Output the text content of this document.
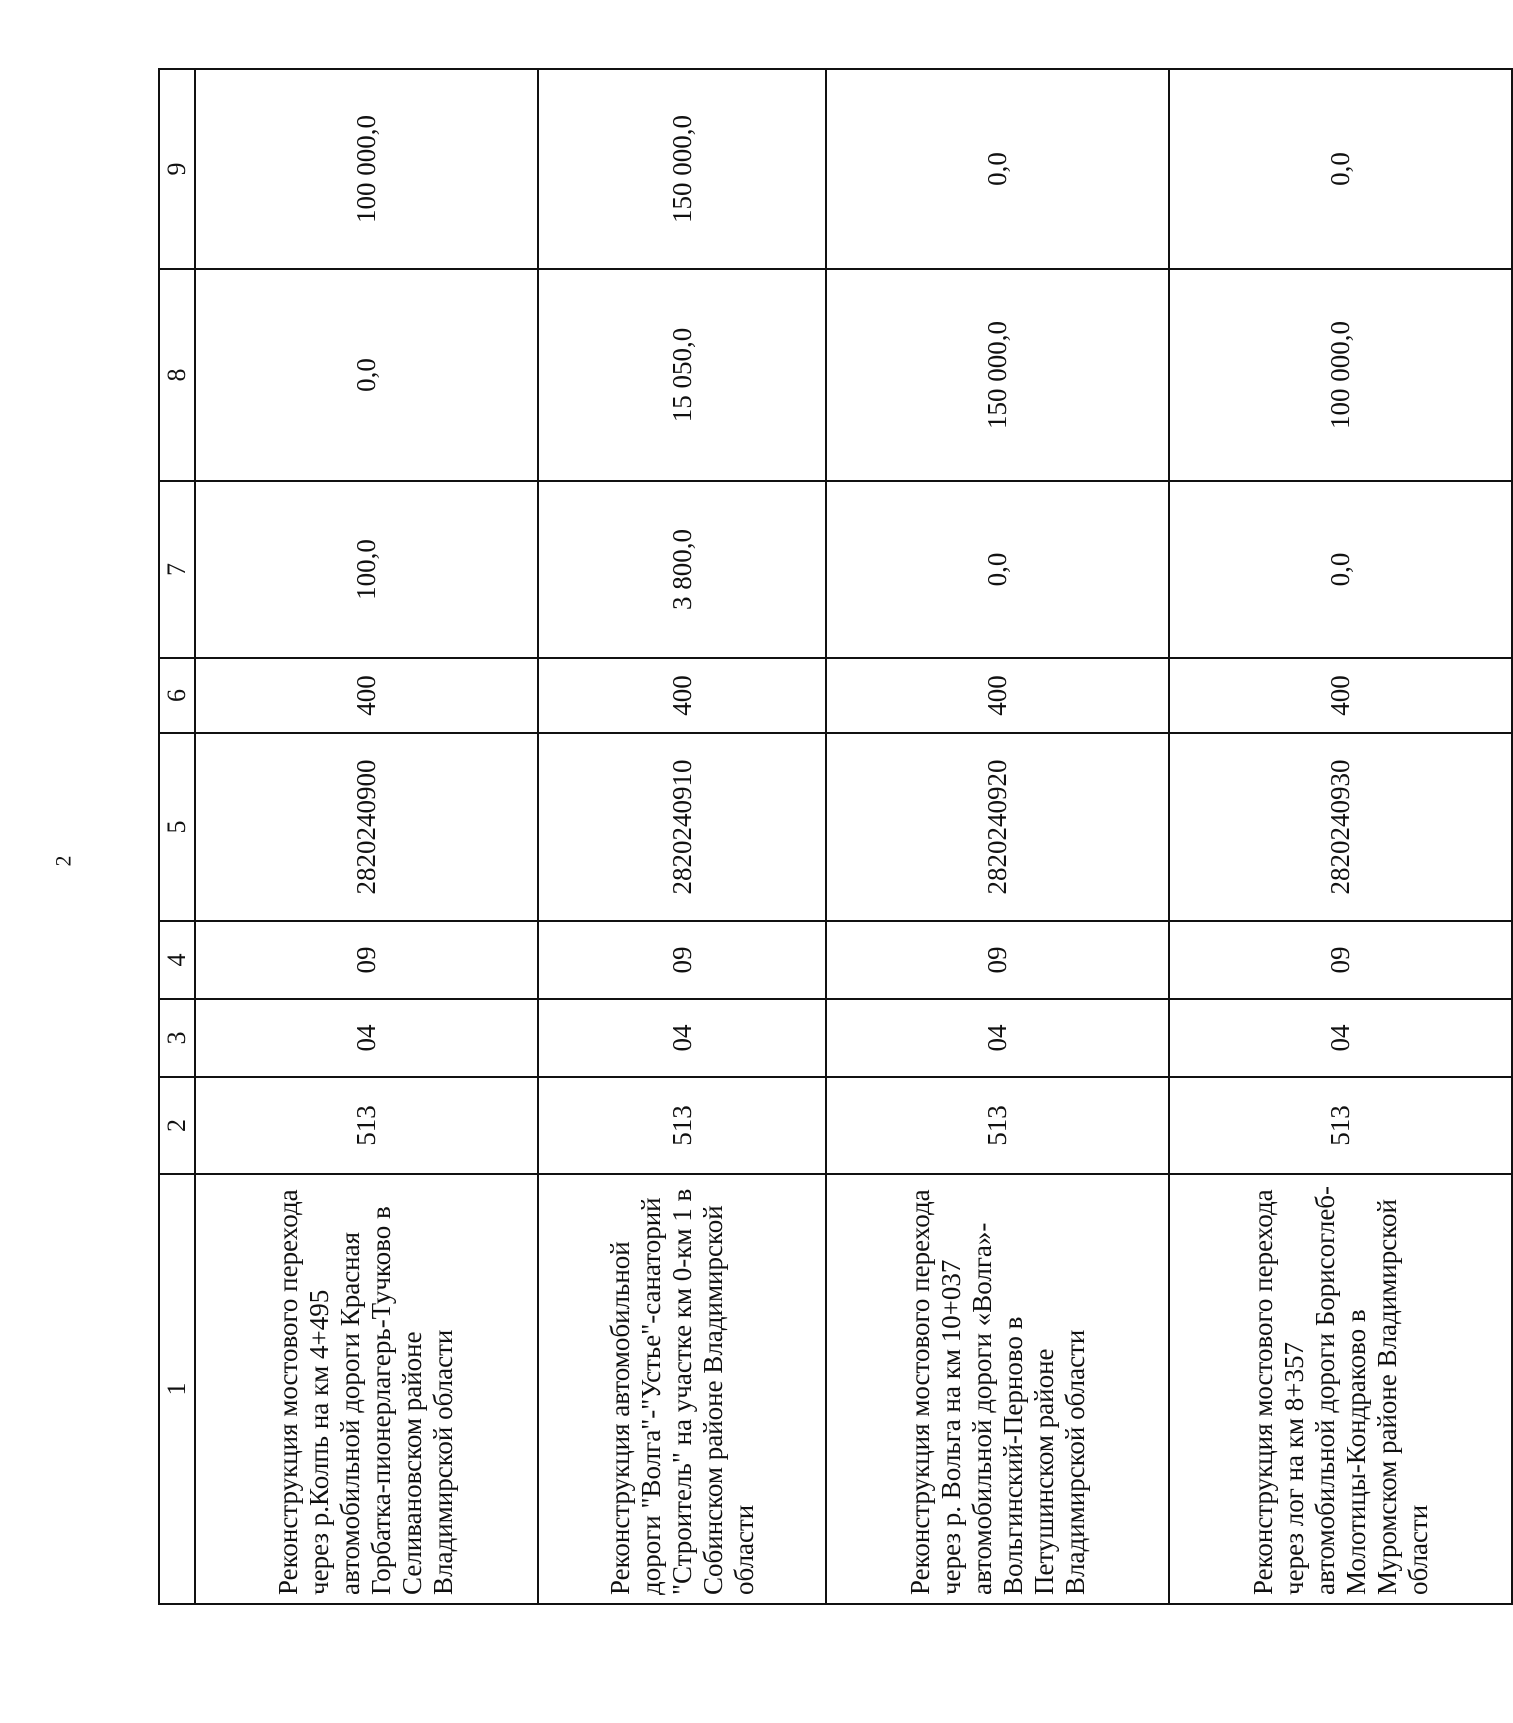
2
1	2	3	4	5	6	7	8	9
Реконструкция мостового перехода через р.Колпь на км 4+495 автомобильной дороги Красная Горбатка-пионерлагерь-Тучково в Селивановском районе Владимирской области	513	04	09	2820240900	400	100,0	0,0	100 000,0
Реконструкция автомобильной дороги "Волга"-"Устье"-санаторий "Строитель" на участке км 0-км 1 в Собинском районе Владимирской области	513	04	09	2820240910	400	3 800,0	15 050,0	150 000,0
Реконструкция мостового перехода через р. Вольга на км 10+037 автомобильной дороги «Волга»-Вольгинский-Перново в Петушинском районе Владимирской области	513	04	09	2820240920	400	0,0	150 000,0	0,0
Реконструкция мостового перехода через лог на км 8+357 автомобильной дороги Борисоглеб-Молотицы-Кондраково в Муромском районе Владимирской области	513	04	09	2820240930	400	0,0	100 000,0	0,0
